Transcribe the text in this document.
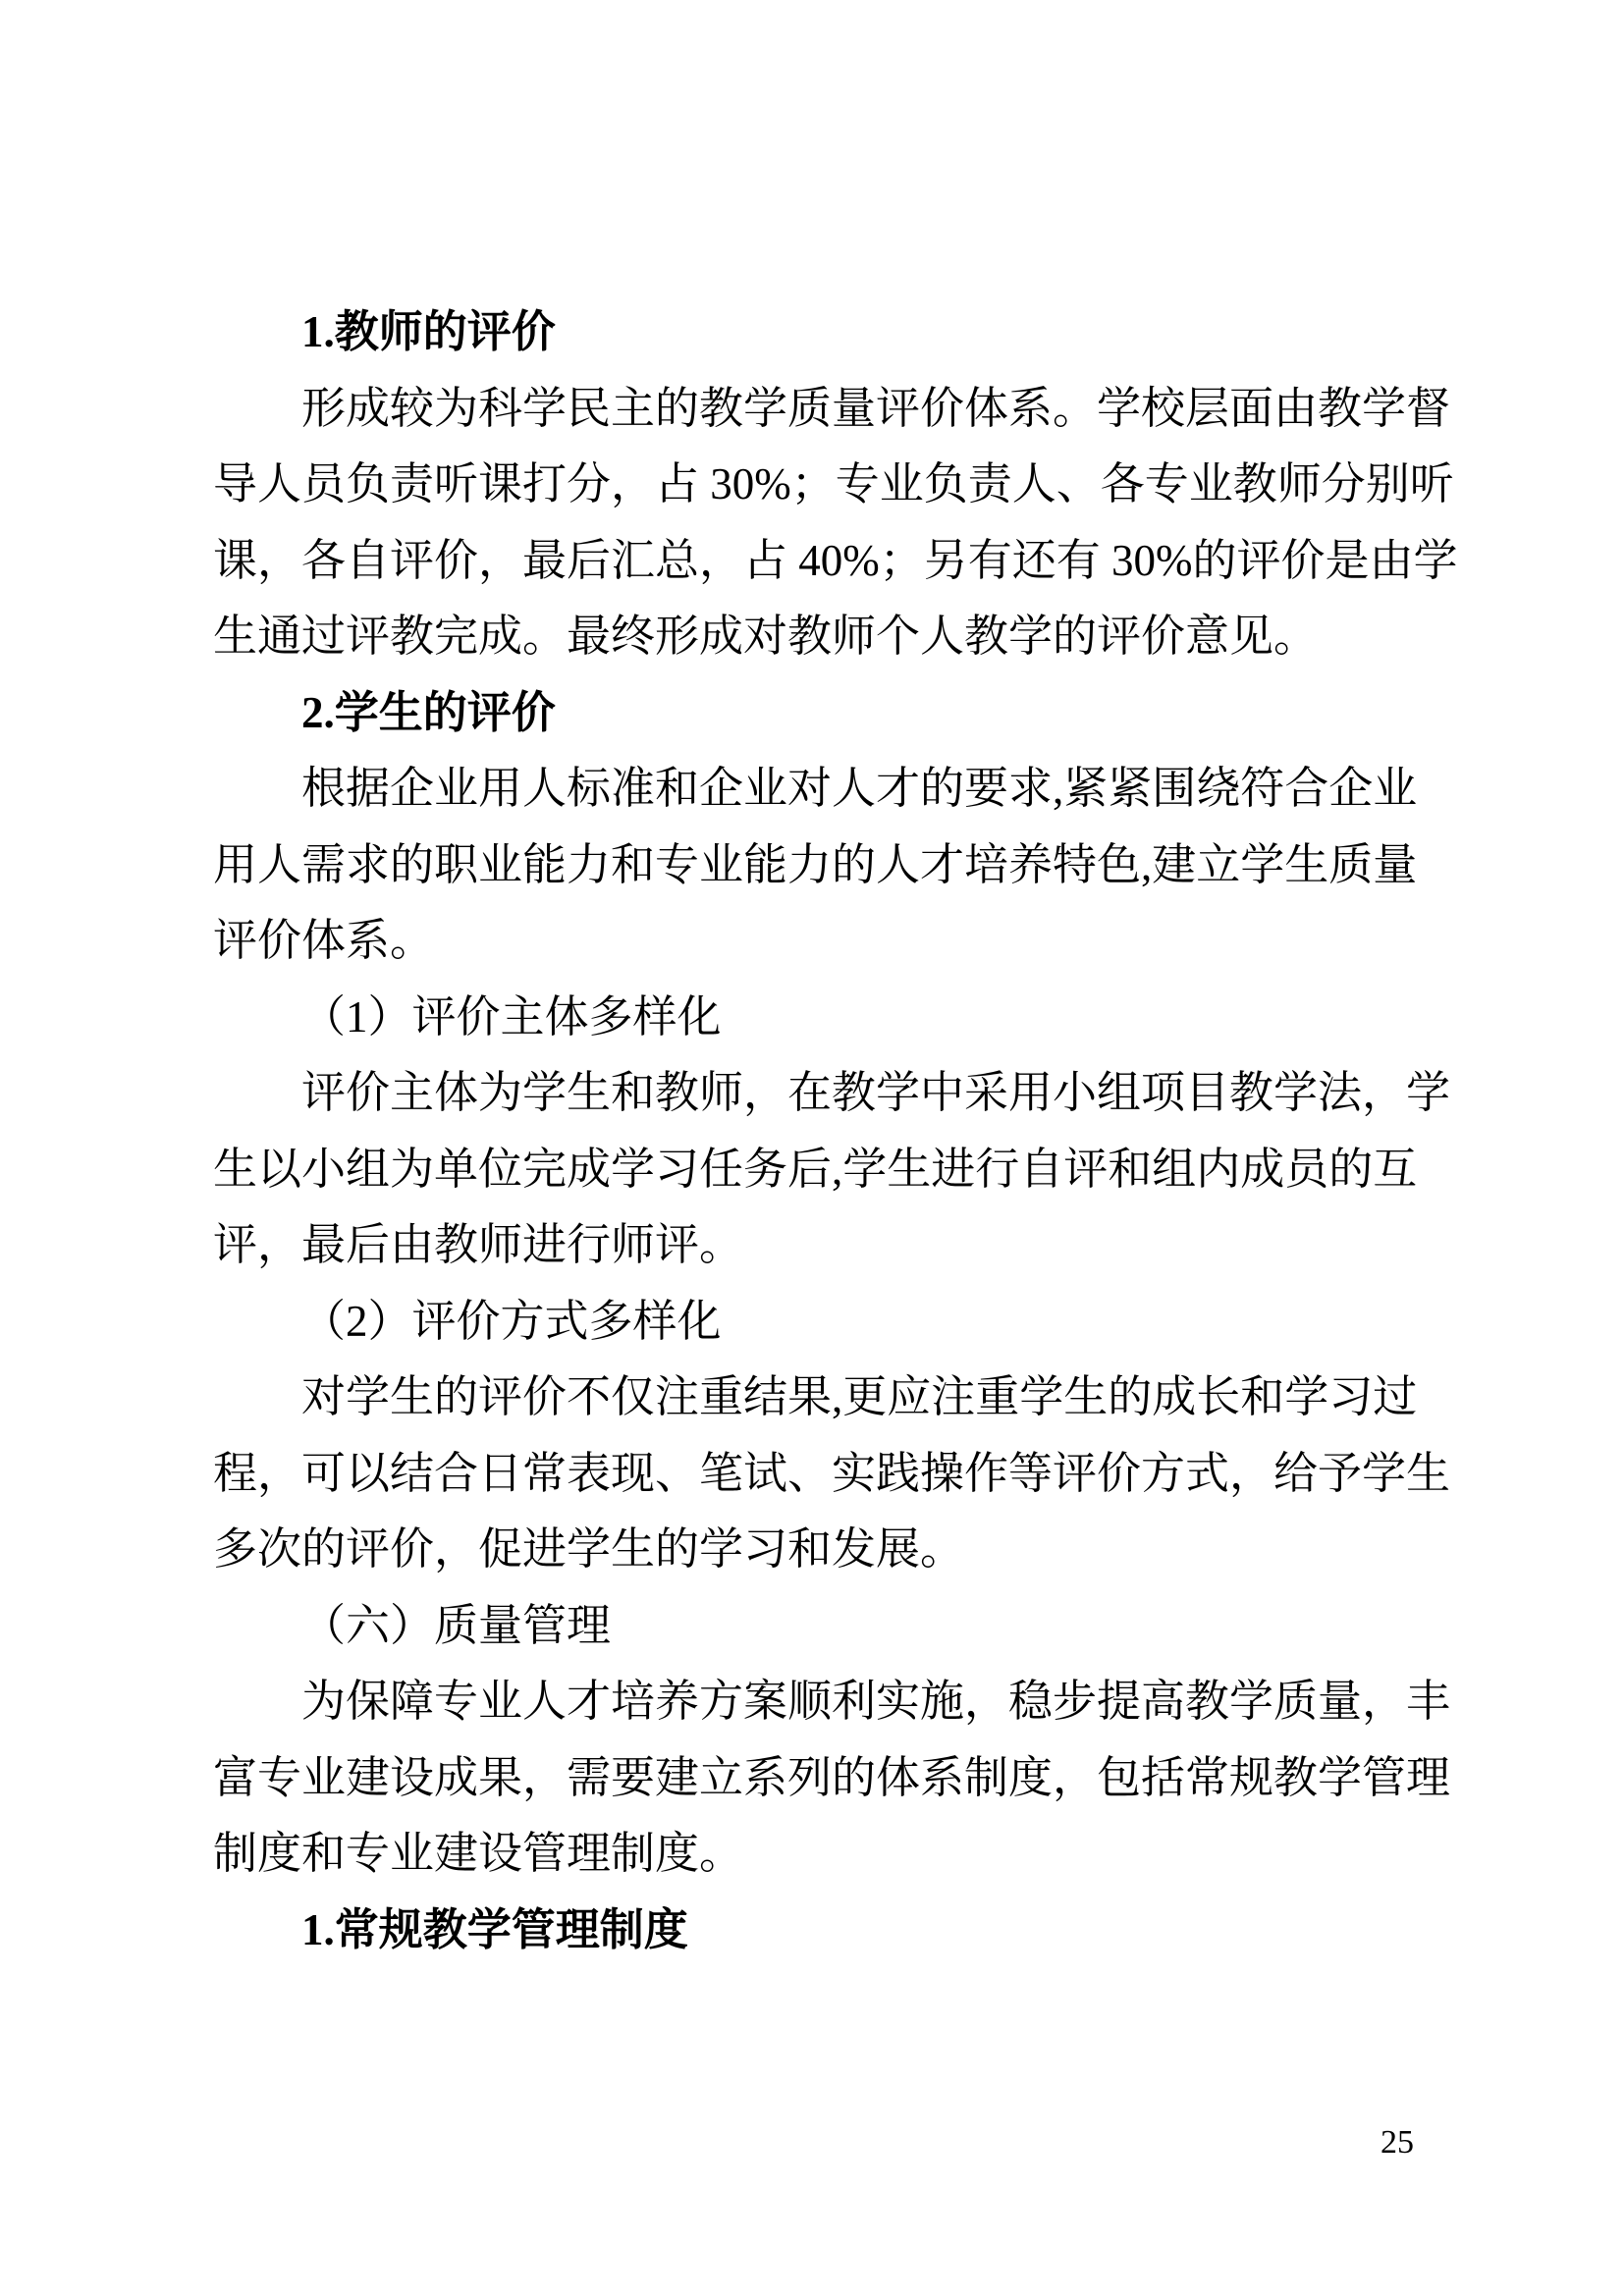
1.教师的评价
形成较为科学民主的教学质量评价体系。学校层面由教学督
导人员负责听课打分，占 30%；专业负责人、各专业教师分别听
课，各自评价，最后汇总，占 40%；另有还有 30%的评价是由学
生通过评教完成。最终形成对教师个人教学的评价意见。
2.学生的评价
根据企业用人标准和企业对人才的要求,紧紧围绕符合企业
用人需求的职业能力和专业能力的人才培养特色,建立学生质量
评价体系。
（1）评价主体多样化
评价主体为学生和教师，在教学中采用小组项目教学法，学
生以小组为单位完成学习任务后,学生进行自评和组内成员的互
评，最后由教师进行师评。
（2）评价方式多样化
对学生的评价不仅注重结果,更应注重学生的成长和学习过
程，可以结合日常表现、笔试、实践操作等评价方式，给予学生
多次的评价，促进学生的学习和发展。
（六）质量管理
为保障专业人才培养方案顺利实施，稳步提高教学质量，丰
富专业建设成果，需要建立系列的体系制度，包括常规教学管理
制度和专业建设管理制度。
1.常规教学管理制度
25
